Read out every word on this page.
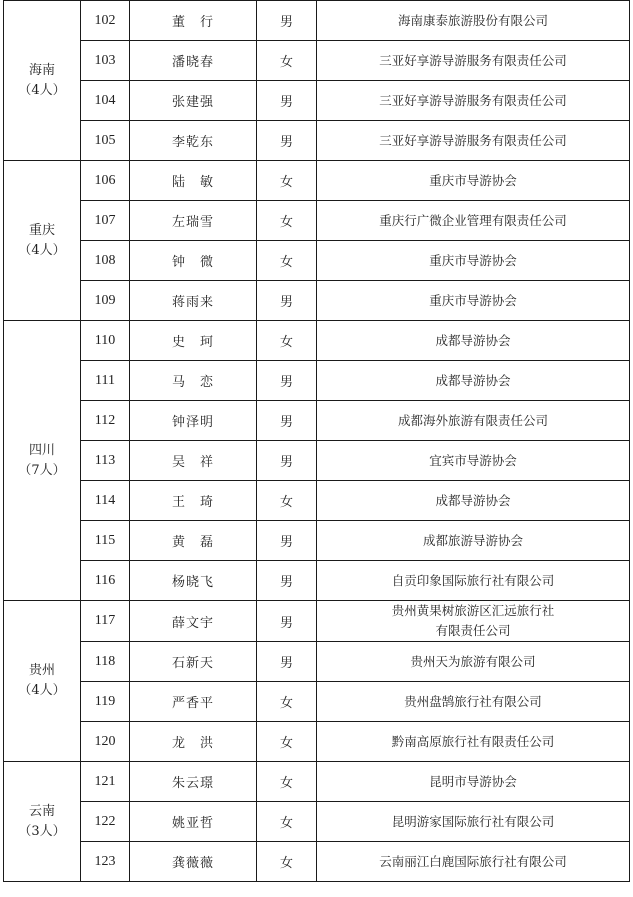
海南
（4人）	102	董　行	男	海南康泰旅游股份有限公司

	103	潘晓春	女	三亚好享游导游服务有限责任公司

	104	张建强	男	三亚好享游导游服务有限责任公司

	105	李乾东	男	三亚好享游导游服务有限责任公司

重庆
（4人）	106	陆　敏	女	重庆市导游协会

	107	左瑞雪	女	重庆行广微企业管理有限责任公司

	108	钟　微	女	重庆市导游协会

	109	蒋雨来	男	重庆市导游协会

四川
（7人）	110	史　珂	女	成都导游协会

	111	马　恋	男	成都导游协会

	112	钟泽明	男	成都海外旅游有限责任公司

	113	吴　祥	男	宜宾市导游协会

	114	王　琦	女	成都导游协会

	115	黄　磊	男	成都旅游导游协会

	116	杨晓飞	男	自贡印象国际旅行社有限公司

贵州
（4人）	117	薛文宇	男	贵州黄果树旅游区汇远旅行社
有限责任公司

	118	石新天	男	贵州天为旅游有限公司

	119	严香平	女	贵州盘鹄旅行社有限公司

	120	龙　洪	女	黔南高原旅行社有限责任公司

云南
（3人）	121	朱云璟	女	昆明市导游协会

	122	姚亚哲	女	昆明游家国际旅行社有限公司

	123	龚薇薇	女	云南丽江白鹿国际旅行社有限公司
